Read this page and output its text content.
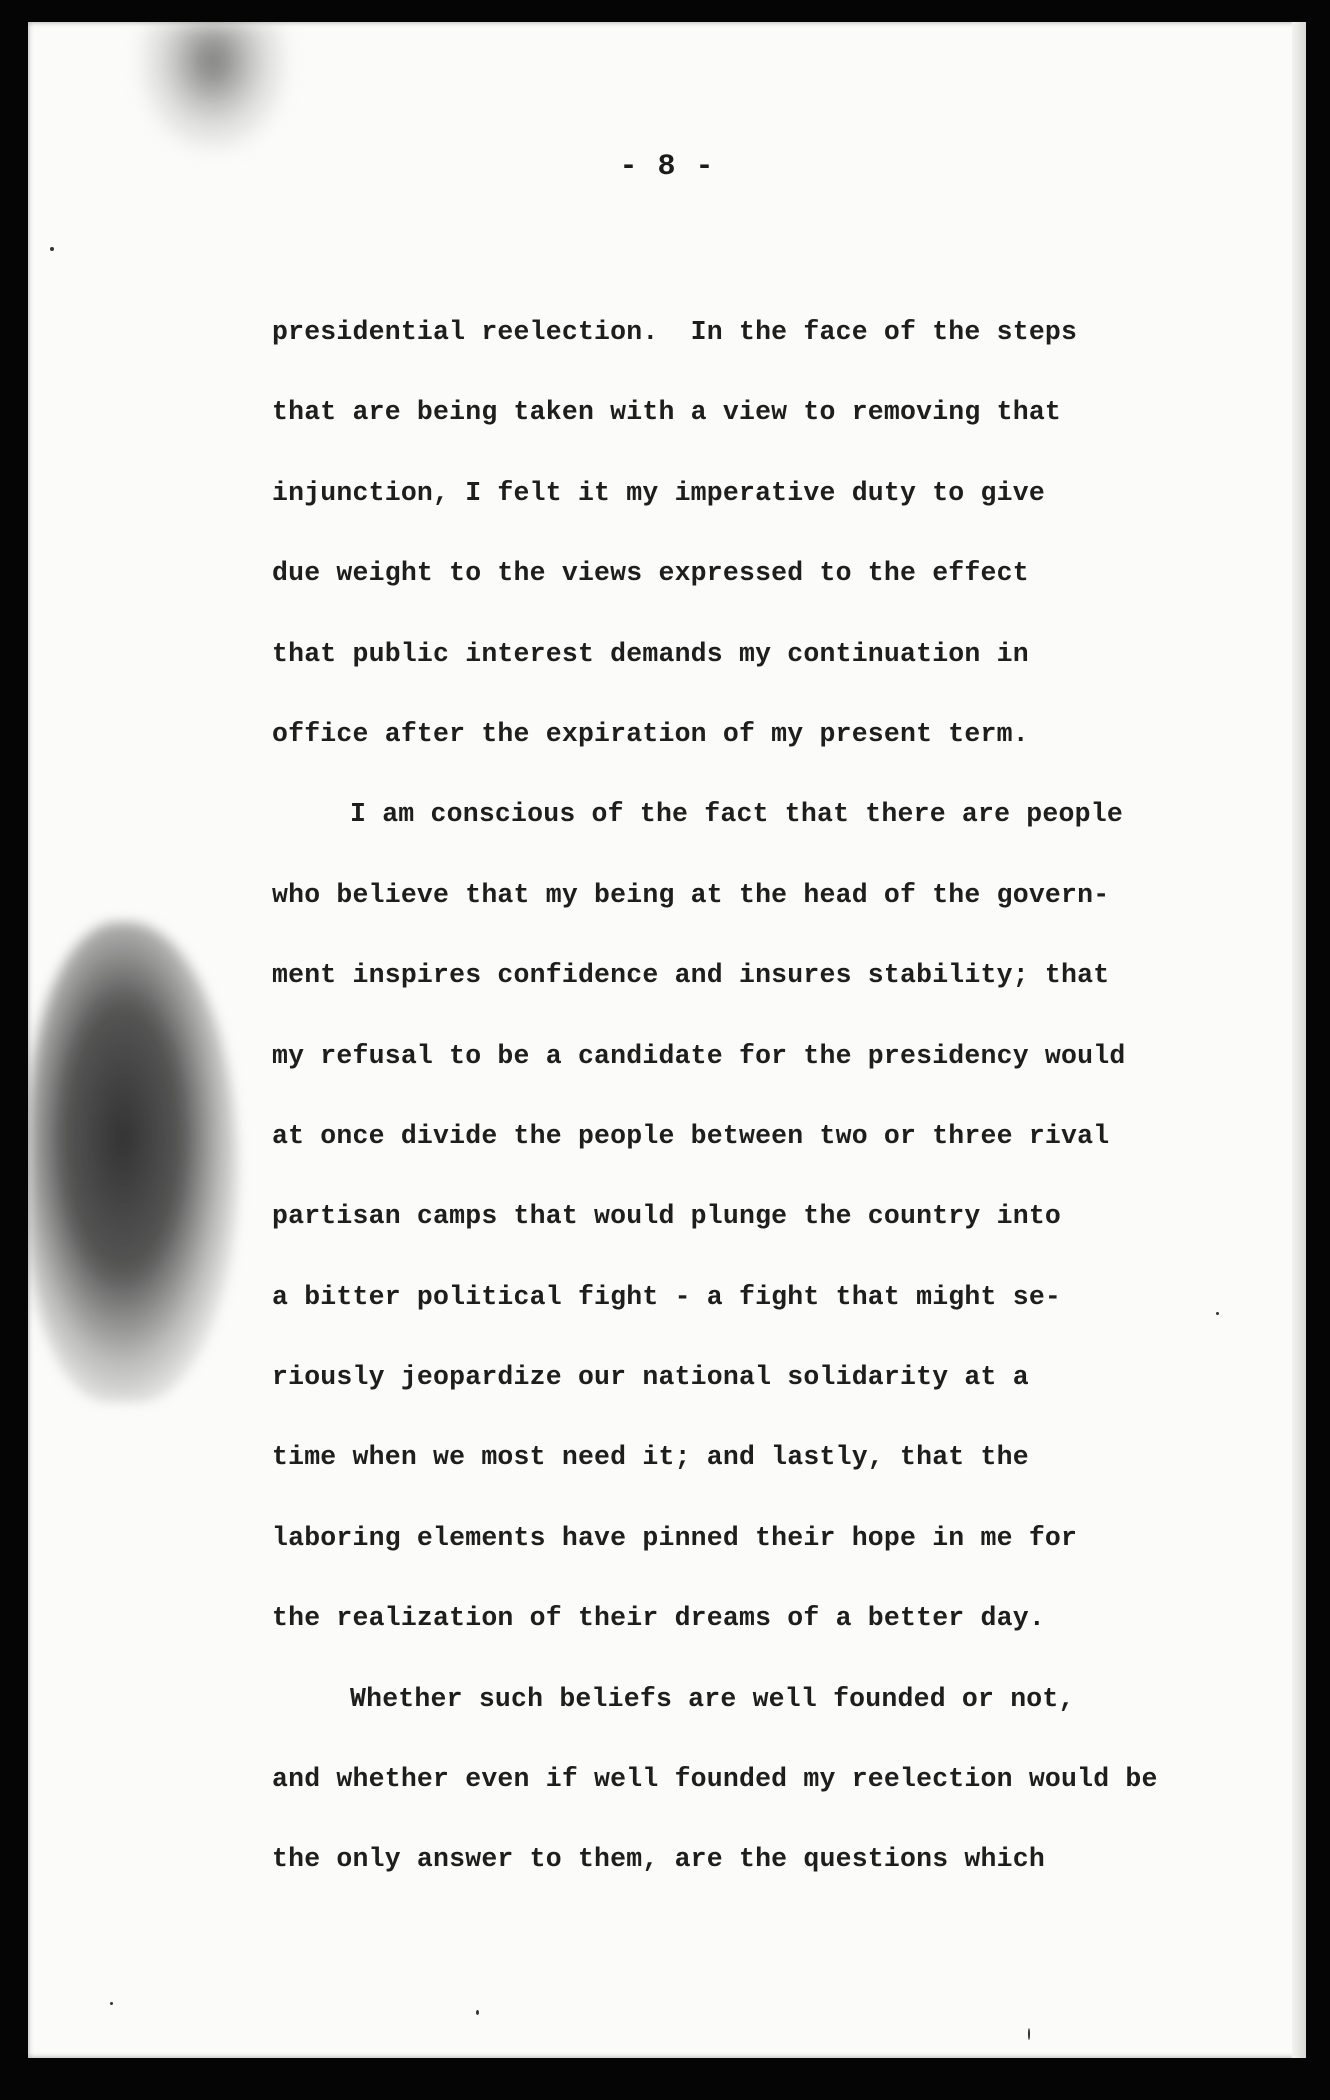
- 8 -
presidential reelection.  In the face of the steps
that are being taken with a view to removing that
injunction, I felt it my imperative duty to give
due weight to the views expressed to the effect
that public interest demands my continuation in
office after the expiration of my present term.
I am conscious of the fact that there are people
who believe that my being at the head of the govern-
ment inspires confidence and insures stability; that
my refusal to be a candidate for the presidency would
at once divide the people between two or three rival
partisan camps that would plunge the country into
a bitter political fight - a fight that might se-
riously jeopardize our national solidarity at a
time when we most need it; and lastly, that the
laboring elements have pinned their hope in me for
the realization of their dreams of a better day.
Whether such beliefs are well founded or not,
and whether even if well founded my reelection would be
the only answer to them, are the questions which
